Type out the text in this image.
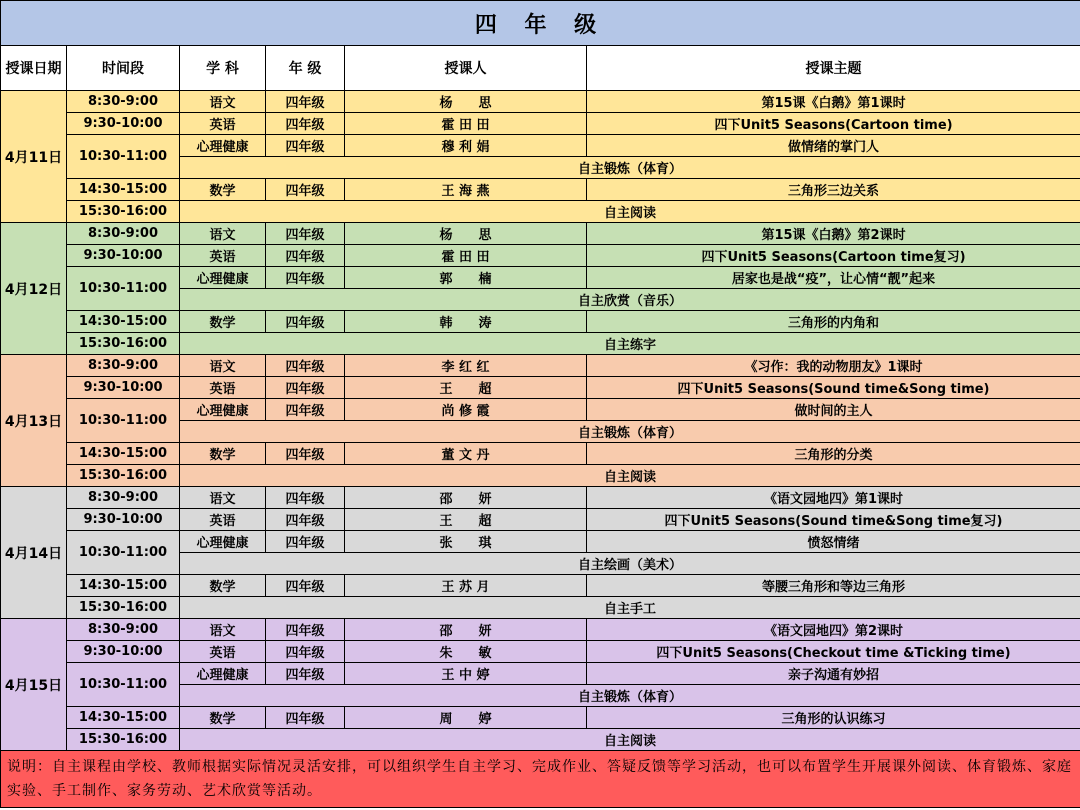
四 年 级					
授课日期	时间段	学 科	年 级	授课人	授课主题
4月11日	8:30-9:00	语文	四年级	杨　　思	第15课《白鹅》第1课时
	9:30-10:00	英语	四年级	霍 田 田	四下Unit5 Seasons(Cartoon time)
	10:30-11:00	心理健康	四年级	穆 利 娟	做情绪的掌门人
		自主锻炼（体育）			
	14:30-15:00	数学	四年级	王 海 燕	三角形三边关系
	15:30-16:00	自主阅读			
4月12日	8:30-9:00	语文	四年级	杨　　思	第15课《白鹅》第2课时
	9:30-10:00	英语	四年级	霍 田 田	四下Unit5 Seasons(Cartoon time复习)
	10:30-11:00	心理健康	四年级	郭　　楠	居家也是战“疫”，让心情“靓”起来
		自主欣赏（音乐）			
	14:30-15:00	数学	四年级	韩　　涛	三角形的内角和
	15:30-16:00	自主练字			
4月13日	8:30-9:00	语文	四年级	李 红 红	《习作：我的动物朋友》1课时
	9:30-10:00	英语	四年级	王　　超	四下Unit5 Seasons(Sound time&Song time)
	10:30-11:00	心理健康	四年级	尚 修 霞	做时间的主人
		自主锻炼（体育）			
	14:30-15:00	数学	四年级	董 文 丹	三角形的分类
	15:30-16:00	自主阅读			
4月14日	8:30-9:00	语文	四年级	邵　　妍	《语文园地四》第1课时
	9:30-10:00	英语	四年级	王　　超	四下Unit5 Seasons(Sound time&Song time复习)
	10:30-11:00	心理健康	四年级	张　　琪	愤怒情绪
		自主绘画（美术）			
	14:30-15:00	数学	四年级	王 苏 月	等腰三角形和等边三角形
	15:30-16:00	自主手工			
4月15日	8:30-9:00	语文	四年级	邵　　妍	《语文园地四》第2课时
	9:30-10:00	英语	四年级	朱　　敏	四下Unit5 Seasons(Checkout time &Ticking time)
	10:30-11:00	心理健康	四年级	王 中 婷	亲子沟通有妙招
		自主锻炼（体育）			
	14:30-15:00	数学	四年级	周　　婷	三角形的认识练习
	15:30-16:00	自主阅读			
说明：自主课程由学校、教师根据实际情况灵活安排，可以组织学生自主学习、完成作业、答疑反馈等学习活动，也可以布置学生开展课外阅读、体育锻炼、家庭实验、手工制作、家务劳动、艺术欣赏等活动。					
